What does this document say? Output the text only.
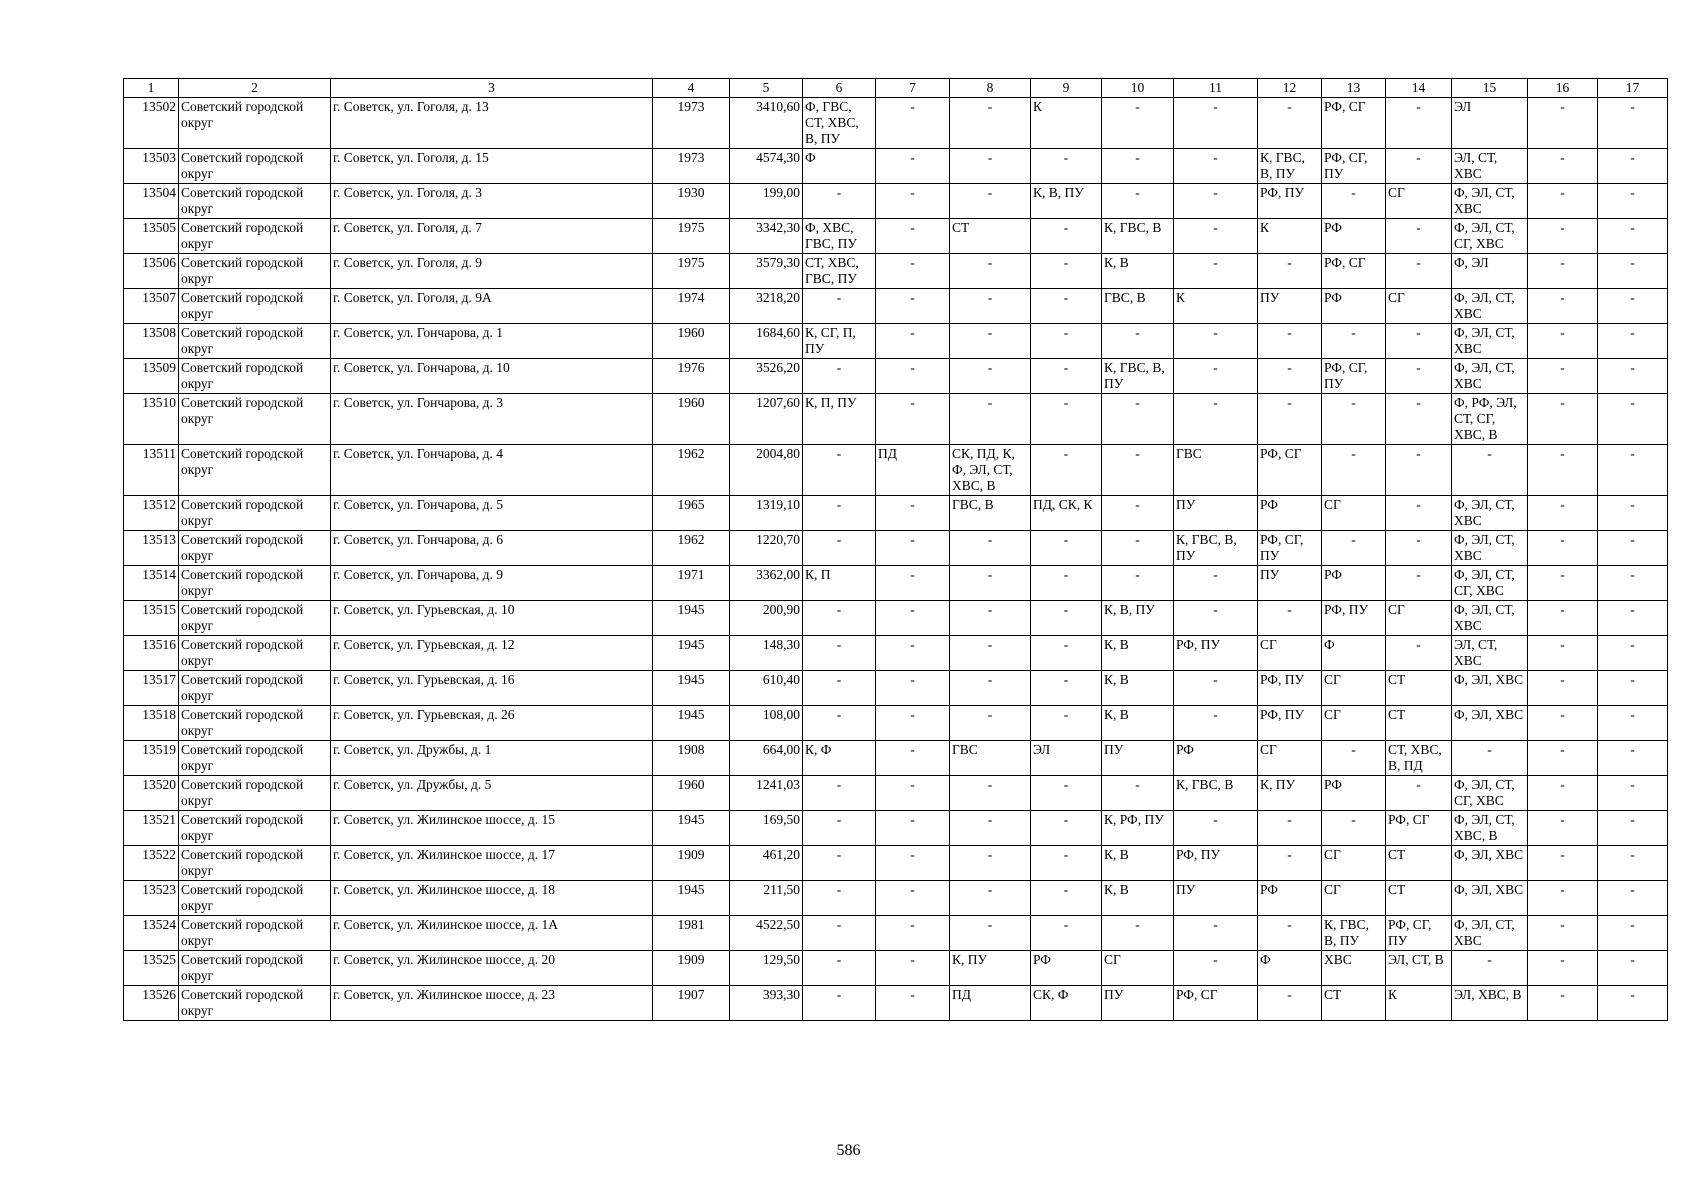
1	2	3	4	5	6	7	8	9	10	11	12	13	14	15	16	17
13502	Советский городской округ	г. Советск, ул. Гоголя, д. 13	1973	3410,60	Ф, ГВС, СТ, ХВС, В, ПУ	-	-	К	-	-	-	РФ, СГ	-	ЭЛ	-	-
13503	Советский городской округ	г. Советск, ул. Гоголя, д. 15	1973	4574,30	Ф	-	-	-	-	-	К, ГВС, В, ПУ	РФ, СГ, ПУ	-	ЭЛ, СТ, ХВС	-	-
13504	Советский городской округ	г. Советск, ул. Гоголя, д. 3	1930	199,00	-	-	-	К, В, ПУ	-	-	РФ, ПУ	-	СГ	Ф, ЭЛ, СТ, ХВС	-	-
13505	Советский городской округ	г. Советск, ул. Гоголя, д. 7	1975	3342,30	Ф, ХВС, ГВС, ПУ	-	СТ	-	К, ГВС, В	-	К	РФ	-	Ф, ЭЛ, СТ, СГ, ХВС	-	-
13506	Советский городской округ	г. Советск, ул. Гоголя, д. 9	1975	3579,30	СТ, ХВС, ГВС, ПУ	-	-	-	К, В	-	-	РФ, СГ	-	Ф, ЭЛ	-	-
13507	Советский городской округ	г. Советск, ул. Гоголя, д. 9А	1974	3218,20	-	-	-	-	ГВС, В	К	ПУ	РФ	СГ	Ф, ЭЛ, СТ, ХВС	-	-
13508	Советский городской округ	г. Советск, ул. Гончарова, д. 1	1960	1684,60	К, СГ, П, ПУ	-	-	-	-	-	-	-	-	Ф, ЭЛ, СТ, ХВС	-	-
13509	Советский городской округ	г. Советск, ул. Гончарова, д. 10	1976	3526,20	-	-	-	-	К, ГВС, В, ПУ	-	-	РФ, СГ, ПУ	-	Ф, ЭЛ, СТ, ХВС	-	-
13510	Советский городской округ	г. Советск, ул. Гончарова, д. 3	1960	1207,60	К, П, ПУ	-	-	-	-	-	-	-	-	Ф, РФ, ЭЛ, СТ, СГ, ХВС, В	-	-
13511	Советский городской округ	г. Советск, ул. Гончарова, д. 4	1962	2004,80	-	ПД	СК, ПД, К, Ф, ЭЛ, СТ, ХВС, В	-	-	ГВС	РФ, СГ	-	-	-	-	-
13512	Советский городской округ	г. Советск, ул. Гончарова, д. 5	1965	1319,10	-	-	ГВС, В	ПД, СК, К	-	ПУ	РФ	СГ	-	Ф, ЭЛ, СТ, ХВС	-	-
13513	Советский городской округ	г. Советск, ул. Гончарова, д. 6	1962	1220,70	-	-	-	-	-	К, ГВС, В, ПУ	РФ, СГ, ПУ	-	-	Ф, ЭЛ, СТ, ХВС	-	-
13514	Советский городской округ	г. Советск, ул. Гончарова, д. 9	1971	3362,00	К, П	-	-	-	-	-	ПУ	РФ	-	Ф, ЭЛ, СТ, СГ, ХВС	-	-
13515	Советский городской округ	г. Советск, ул. Гурьевская, д. 10	1945	200,90	-	-	-	-	К, В, ПУ	-	-	РФ, ПУ	СГ	Ф, ЭЛ, СТ, ХВС	-	-
13516	Советский городской округ	г. Советск, ул. Гурьевская, д. 12	1945	148,30	-	-	-	-	К, В	РФ, ПУ	СГ	Ф	-	ЭЛ, СТ, ХВС	-	-
13517	Советский городской округ	г. Советск, ул. Гурьевская, д. 16	1945	610,40	-	-	-	-	К, В	-	РФ, ПУ	СГ	СТ	Ф, ЭЛ, ХВС	-	-
13518	Советский городской округ	г. Советск, ул. Гурьевская, д. 26	1945	108,00	-	-	-	-	К, В	-	РФ, ПУ	СГ	СТ	Ф, ЭЛ, ХВС	-	-
13519	Советский городской округ	г. Советск, ул. Дружбы, д. 1	1908	664,00	К, Ф	-	ГВС	ЭЛ	ПУ	РФ	СГ	-	СТ, ХВС, В, ПД	-	-	-
13520	Советский городской округ	г. Советск, ул. Дружбы, д. 5	1960	1241,03	-	-	-	-	-	К, ГВС, В	К, ПУ	РФ	-	Ф, ЭЛ, СТ, СГ, ХВС	-	-
13521	Советский городской округ	г. Советск, ул. Жилинское шоссе, д. 15	1945	169,50	-	-	-	-	К, РФ, ПУ	-	-	-	РФ, СГ	Ф, ЭЛ, СТ, ХВС, В	-	-
13522	Советский городской округ	г. Советск, ул. Жилинское шоссе, д. 17	1909	461,20	-	-	-	-	К, В	РФ, ПУ	-	СГ	СТ	Ф, ЭЛ, ХВС	-	-
13523	Советский городской округ	г. Советск, ул. Жилинское шоссе, д. 18	1945	211,50	-	-	-	-	К, В	ПУ	РФ	СГ	СТ	Ф, ЭЛ, ХВС	-	-
13524	Советский городской округ	г. Советск, ул. Жилинское шоссе, д. 1А	1981	4522,50	-	-	-	-	-	-	-	К, ГВС, В, ПУ	РФ, СГ, ПУ	Ф, ЭЛ, СТ, ХВС	-	-
13525	Советский городской округ	г. Советск, ул. Жилинское шоссе, д. 20	1909	129,50	-	-	К, ПУ	РФ	СГ	-	Ф	ХВС	ЭЛ, СТ, В	-	-	-
13526	Советский городской округ	г. Советск, ул. Жилинское шоссе, д. 23	1907	393,30	-	-	ПД	СК, Ф	ПУ	РФ, СГ	-	СТ	К	ЭЛ, ХВС, В	-	-
586
